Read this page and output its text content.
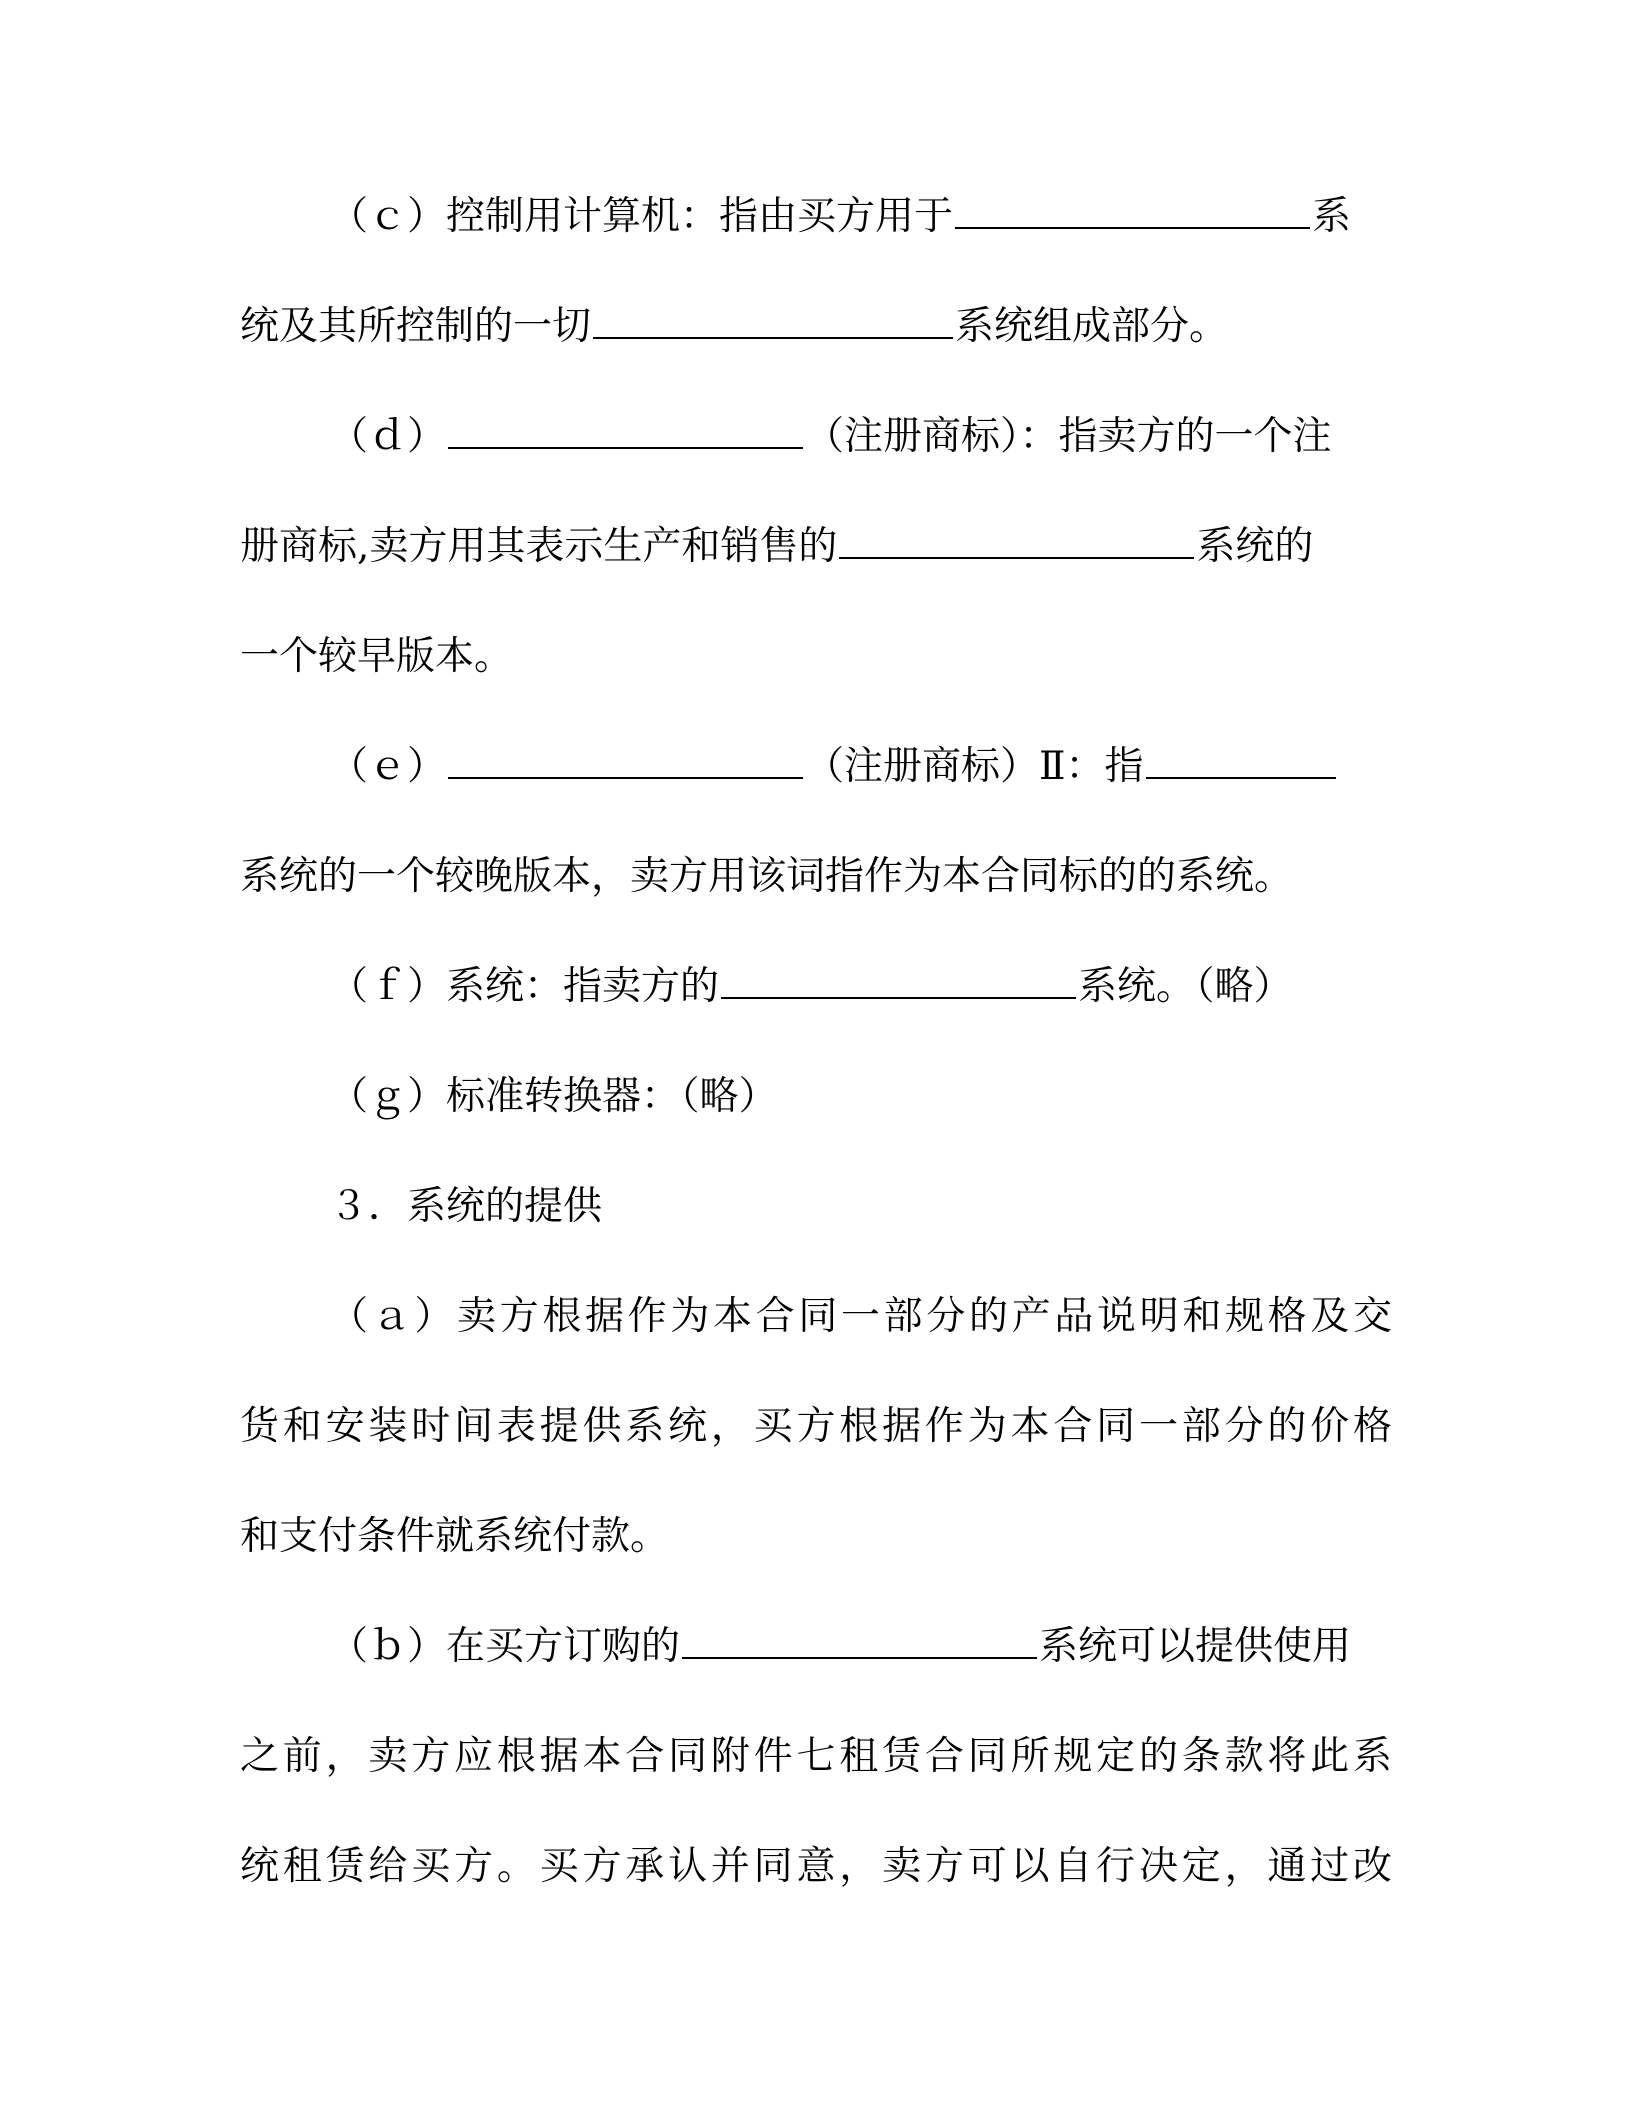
（ｃ）控制用计算机：指由买方用于	系
统及其所控制的一切	系统组成部分。
（ｄ）	（注册商标）：指卖方的一个注
册商标,卖方用其表示生产和销售的	系统的
一个较早版本。
（ｅ）	（注册商标）Ⅱ：指
系统的一个较晚版本，卖方用该词指作为本合同标的的系统。
（ｆ）系统：指卖方的	系统。（略）
（ｇ）标准转换器：（略）
３．系统的提供
（ａ）卖方根据作为本合同一部分的产品说明和规格及交
货和安装时间表提供系统，买方根据作为本合同一部分的价格
和支付条件就系统付款。
（ｂ）在买方订购的	系统可以提供使用
之前，卖方应根据本合同附件七租赁合同所规定的条款将此系
统租赁给买方。买方承认并同意，卖方可以自行决定，通过改
